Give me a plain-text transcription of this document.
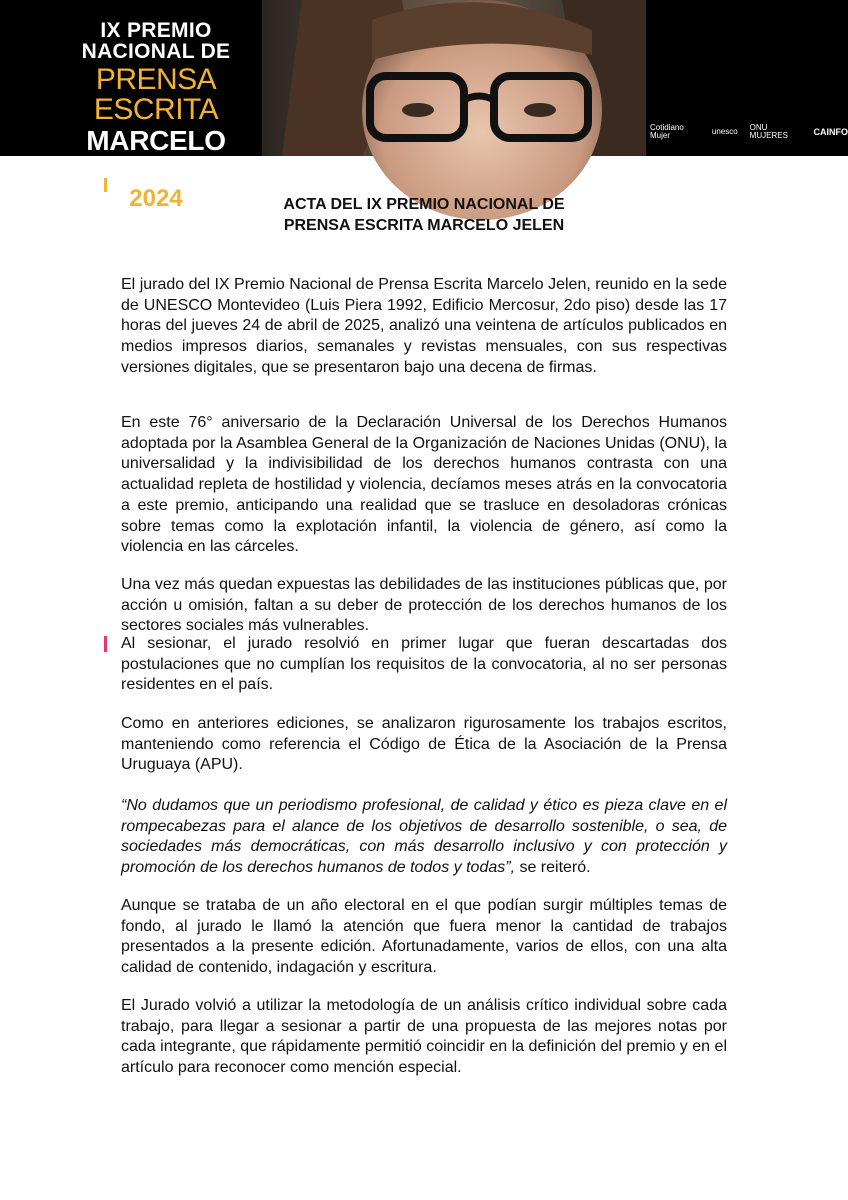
IX PREMIO NACIONAL DE
PRENSA ESCRITA
MARCELO JELEN
2024
Cotidiano Mujer	unesco ONU MUJERES	CAINFO
ACTA DEL IX PREMIO NACIONAL DE
PRENSA ESCRITA MARCELO JELEN

El jurado del IX Premio Nacional de Prensa Escrita Marcelo Jelen, reunido en la sede de UNESCO Montevideo (Luis Piera 1992, Edificio Mercosur, 2do piso) desde las 17 horas del jueves 24 de abril de 2025, analizó una veintena de artículos publicados en medios impresos diarios, semanales y revistas mensuales, con sus respectivas versiones digitales, que se presentaron bajo una decena de firmas.

En este 76° aniversario de la Declaración Universal de los Derechos Humanos adoptada por la Asamblea General de la Organización de Naciones Unidas (ONU), la universalidad y la indivisibilidad de los derechos humanos contrasta con una actualidad repleta de hostilidad y violencia, decíamos meses atrás en la convocatoria a este premio, anticipando una realidad que se trasluce en desoladoras crónicas sobre temas como la explotación infantil, la violencia de género, así como la violencia en las cárceles.

Una vez más quedan expuestas las debilidades de las instituciones públicas que, por acción u omisión, faltan a su deber de protección de los derechos humanos de los sectores sociales más vulnerables.

Al sesionar, el jurado resolvió en primer lugar que fueran descartadas dos postulaciones que no cumplían los requisitos de la convocatoria, al no ser personas residentes en el país.

Como en anteriores ediciones, se analizaron rigurosamente los trabajos escritos, manteniendo como referencia el Código de Ética de la Asociación de la Prensa Uruguaya (APU).

“No dudamos que un periodismo profesional, de calidad y ético es pieza clave en el rompecabezas para el alance de los objetivos de desarrollo sostenible, o sea, de sociedades más democráticas, con más desarrollo inclusivo y con protección y promoción de los derechos humanos de todos y todas”, se reiteró.

Aunque se trataba de un año electoral en el que podían surgir múltiples temas de fondo, al jurado le llamó la atención que fuera menor la cantidad de trabajos presentados a la presente edición. Afortunadamente, varios de ellos, con una alta calidad de contenido, indagación y escritura.

El Jurado volvió a utilizar la metodología de un análisis crítico individual sobre cada trabajo, para llegar a sesionar a partir de una propuesta de las mejores notas por cada integrante, que rápidamente permitió coincidir en la definición del premio y en el artículo para reconocer como mención especial.
